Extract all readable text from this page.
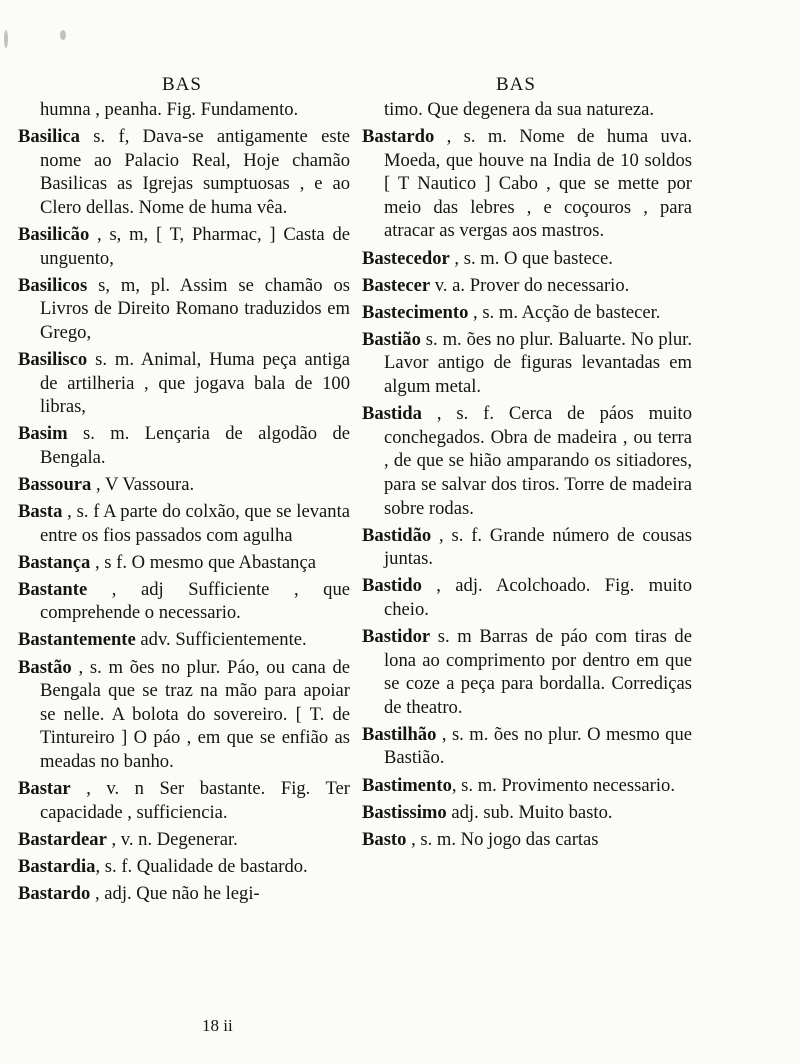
BAS	BAS

humna , peanha. Fig. Fundamento.

Basilica s. f, Dava-se antigamente este nome ao Palacio Real, Hoje chamão Basilicas as Igrejas sumptuosas , e ao Clero dellas. Nome de huma vêa.

Basilicão , s, m, [ T, Pharmac, ] Casta de unguento,

Basilicos s, m, pl. Assim se chamão os Livros de Direito Romano traduzidos em Grego,

Basilisco s. m. Animal, Huma peça antiga de artilheria , que jogava bala de 100 libras,

Basim s. m. Lençaria de algodão de Bengala.

Bassoura , V Vassoura.

Basta , s. f A parte do colxão, que se levanta entre os fios passados com agulha

Bastança , s f. O mesmo que Abastança

Bastante , adj Sufficiente , que comprehende o necessario.

Bastantemente adv. Sufficientemente.

Bastão , s. m ões no plur. Páo, ou cana de Bengala que se traz na mão para apoiar se nelle. A bolota do sovereiro. [ T. de Tintureiro ] O páo , em que se enfião as meadas no banho.

Bastar , v. n Ser bastante. Fig. Ter capacidade , sufficiencia.

Bastardear , v. n. Degenerar.

Bastardia, s. f. Qualidade de bastardo.

Bastardo , adj. Que não he legi-

timo. Que degenera da sua natureza.

Bastardo , s. m. Nome de huma uva. Moeda, que houve na India de 10 soldos [ T Nautico ] Cabo , que se mette por meio das lebres , e coçouros , para atracar as vergas aos mastros.

Bastecedor , s. m. O que bastece.

Bastecer v. a. Prover do necessario.

Bastecimento , s. m. Acção de bastecer.

Bastião s. m. ões no plur. Baluarte. No plur. Lavor antigo de figuras levantadas em algum metal.

Bastida , s. f. Cerca de páos muito conchegados. Obra de madeira , ou terra , de que se hião amparando os sitiadores, para se salvar dos tiros. Torre de madeira sobre rodas.

Bastidão , s. f. Grande número de cousas juntas.

Bastido , adj. Acolchoado. Fig. muito cheio.

Bastidor s. m Barras de páo com tiras de lona ao comprimento por dentro em que se coze a peça para bordalla. Corrediças de theatro.

Bastilhão , s. m. ões no plur. O mesmo que Bastião.

Bastimento, s. m. Provimento necessario.

Bastissimo adj. sub. Muito basto.

Basto , s. m. No jogo das cartas

18 ii
